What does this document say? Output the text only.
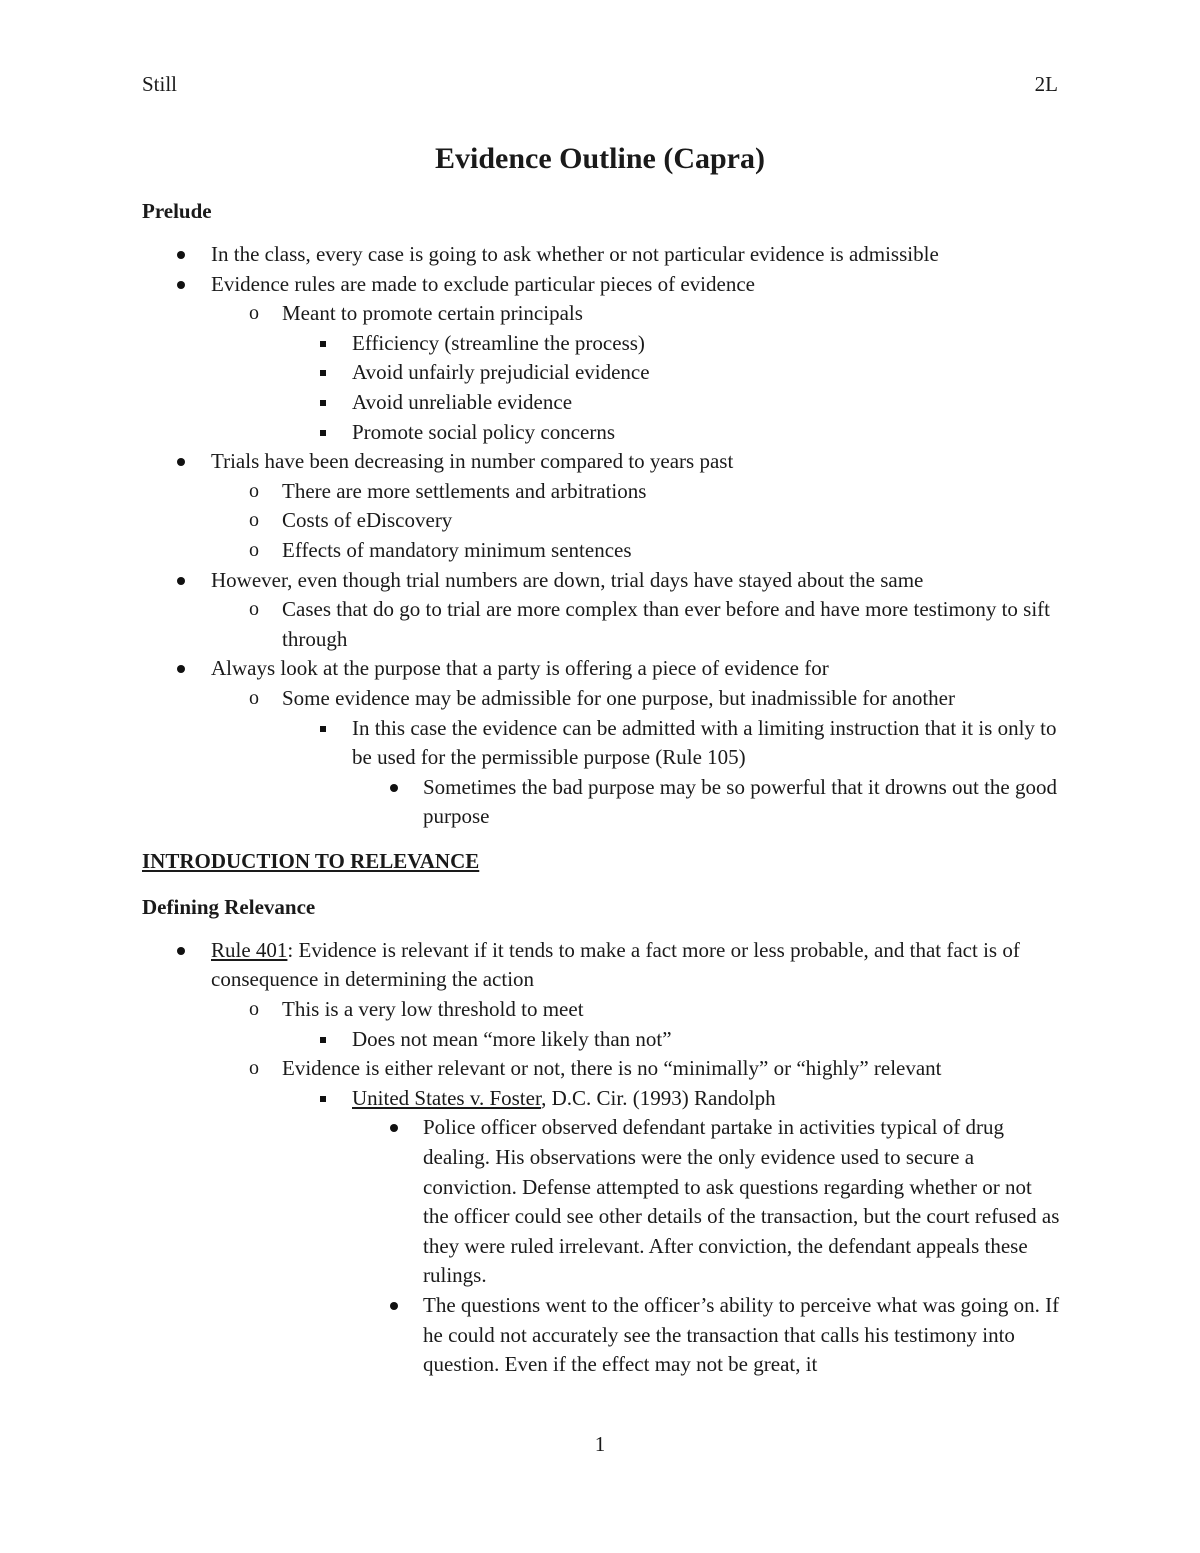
Still	2L
Evidence Outline (Capra)

Prelude

In the class, every case is going to ask whether or not particular evidence is admissible
Evidence rules are made to exclude particular pieces of evidence
o Meant to promote certain principals
Efficiency (streamline the process)
Avoid unfairly prejudicial evidence
Avoid unreliable evidence
Promote social policy concerns
Trials have been decreasing in number compared to years past
o There are more settlements and arbitrations
o Costs of eDiscovery
o Effects of mandatory minimum sentences
However, even though trial numbers are down, trial days have stayed about the same
o Cases that do go to trial are more complex than ever before and have more testimony to sift through
Always look at the purpose that a party is offering a piece of evidence for
o Some evidence may be admissible for one purpose, but inadmissible for another
In this case the evidence can be admitted with a limiting instruction that it is only to be used for the permissible purpose (Rule 105)
Sometimes the bad purpose may be so powerful that it drowns out the good purpose

INTRODUCTION TO RELEVANCE

Defining Relevance

Rule 401: Evidence is relevant if it tends to make a fact more or less probable, and that fact is of consequence in determining the action
o This is a very low threshold to meet
Does not mean “more likely than not”
o Evidence is either relevant or not, there is no “minimally” or “highly” relevant
United States v. Foster, D.C. Cir. (1993) Randolph
Police officer observed defendant partake in activities typical of drug dealing. His observations were the only evidence used to secure a conviction. Defense attempted to ask questions regarding whether or not the officer could see other details of the transaction, but the court refused as they were ruled irrelevant. After conviction, the defendant appeals these rulings.
The questions went to the officer’s ability to perceive what was going on. If he could not accurately see the transaction that calls his testimony into question. Even if the effect may not be great, it
1
